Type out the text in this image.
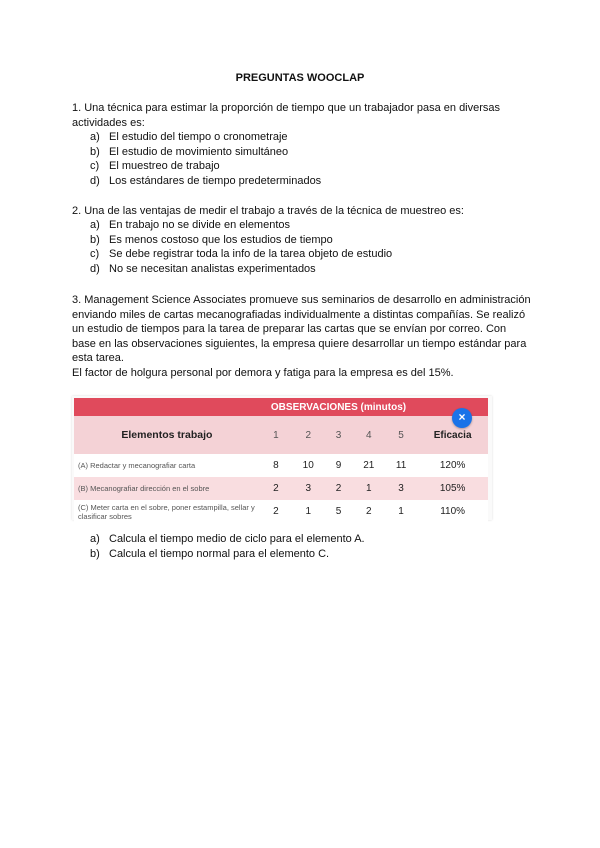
PREGUNTAS WOOCLAP
1. Una técnica para estimar la proporción de tiempo que un trabajador pasa en diversas actividades es:
a) El estudio del tiempo o cronometraje
b) El estudio de movimiento simultáneo
c) El muestreo de trabajo
d) Los estándares de tiempo predeterminados
2. Una de las ventajas de medir el trabajo a través de la técnica de muestreo es:
a) En trabajo no se divide en elementos
b) Es menos costoso que los estudios de tiempo
c) Se debe registrar toda la info de la tarea objeto de estudio
d) No se necesitan analistas experimentados
3. Management Science Associates promueve sus seminarios de desarrollo en administración enviando miles de cartas mecanografiadas individualmente a distintas compañías. Se realizó un estudio de tiempos para la tarea de preparar las cartas que se envían por correo. Con base en las observaciones siguientes, la empresa quiere desarrollar un tiempo estándar para esta tarea.
El factor de holgura personal por demora y fatiga para la empresa es del 15%.
	OBSERVACIONES (minutos)					
Elementos trabajo	1	2	3	4	5	Eficacia
(A) Redactar y mecanografiar carta	8	10	9	21	11	120%
(B) Mecanografiar dirección en el sobre	2	3	2	1	3	105%
(C) Meter carta en el sobre, poner estampilla, sellar y clasificar sobres	2	1	5	2	1	110%
×
a) Calcula el tiempo medio de ciclo para el elemento A.
b) Calcula el tiempo normal para el elemento C.
